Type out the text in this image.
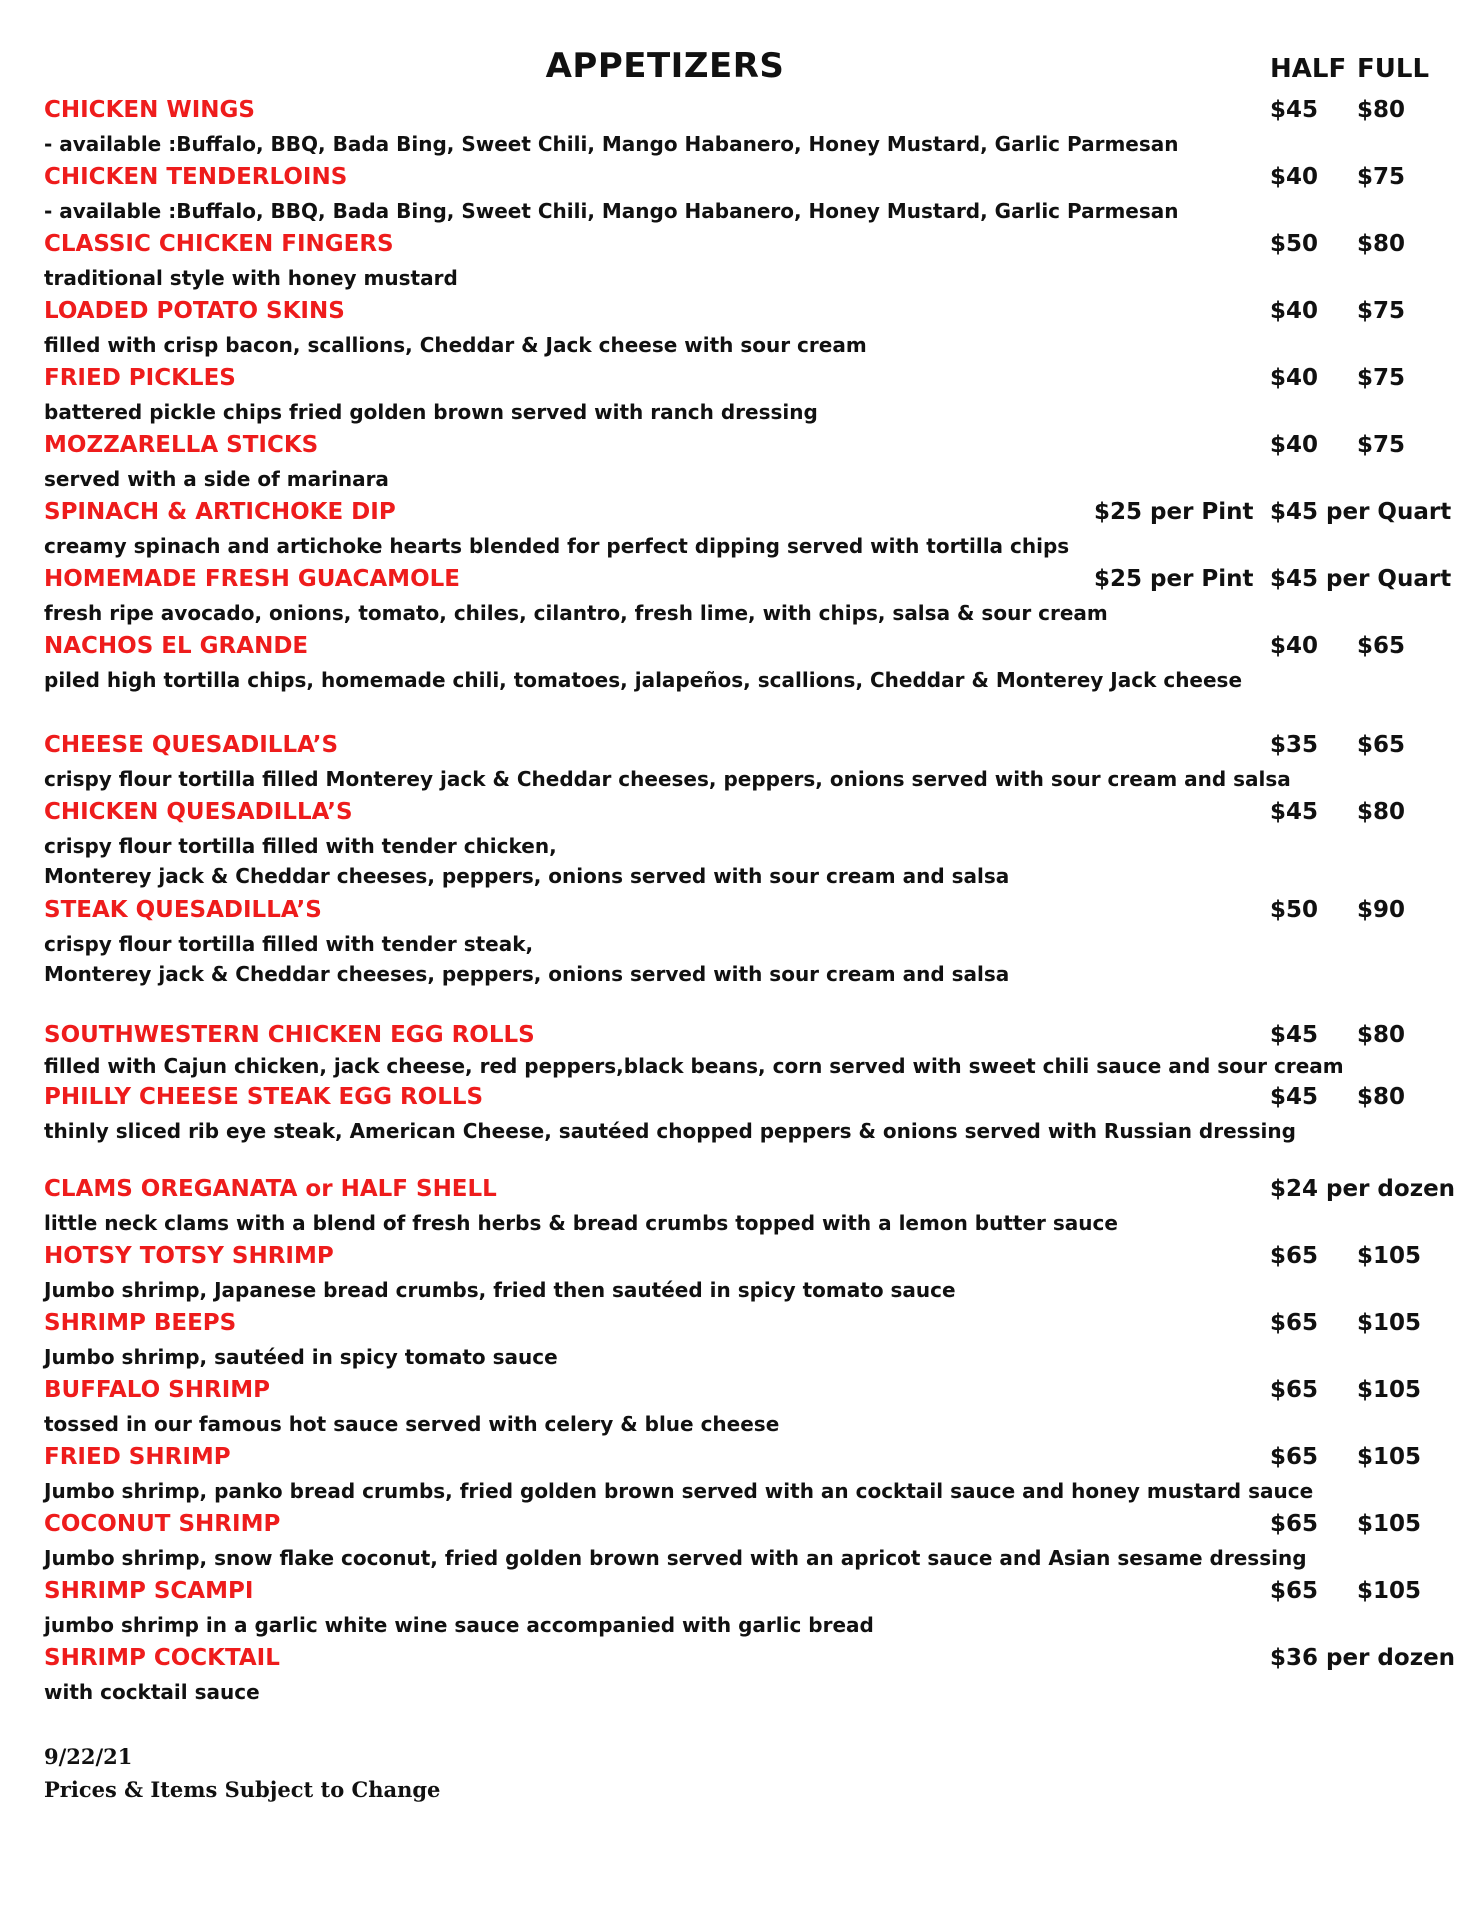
APPETIZERS	HALF FULL
CHICKEN WINGS
- available :Buffalo, BBQ, Bada Bing, Sweet Chili, Mango Habanero, Honey Mustard, Garlic Parmesan
$45 $80
CHICKEN TENDERLOINS
- available :Buffalo, BBQ, Bada Bing, Sweet Chili, Mango Habanero, Honey Mustard, Garlic Parmesan
$40 $75
CLASSIC CHICKEN FINGERS
traditional style with honey mustard
$50 $80
LOADED POTATO SKINS
filled with crisp bacon, scallions, Cheddar & Jack cheese with sour cream
$40 $75
FRIED PICKLES
battered pickle chips fried golden brown served with ranch dressing
$40 $75
MOZZARELLA STICKS
served with a side of marinara
$40 $75
SPINACH & ARTICHOKE DIP
creamy spinach and artichoke hearts blended for perfect dipping served with tortilla chips
$25 per Pint $45 per Quart
HOMEMADE FRESH GUACAMOLE
fresh ripe avocado, onions, tomato, chiles, cilantro, fresh lime, with chips, salsa & sour cream
$25 per Pint $45 per Quart
NACHOS EL GRANDE
piled high tortilla chips, homemade chili, tomatoes, jalapeños, scallions, Cheddar & Monterey Jack cheese
$40 $65
CHEESE QUESADILLA’S
crispy flour tortilla filled Monterey jack & Cheddar cheeses, peppers, onions served with sour cream and salsa
$35 $65
CHICKEN QUESADILLA’S
crispy flour tortilla filled with tender chicken,
Monterey jack & Cheddar cheeses, peppers, onions served with sour cream and salsa
$45 $80
STEAK QUESADILLA’S
crispy flour tortilla filled with tender steak,
Monterey jack & Cheddar cheeses, peppers, onions served with sour cream and salsa
$50 $90
SOUTHWESTERN CHICKEN EGG ROLLS
filled with Cajun chicken, jack cheese, red peppers,black beans, corn served with sweet chili sauce and sour cream
$45 $80
PHILLY CHEESE STEAK EGG ROLLS
thinly sliced rib eye steak, American Cheese, sautéed chopped peppers & onions served with Russian dressing
$45 $80
CLAMS OREGANATA or HALF SHELL
little neck clams with a blend of fresh herbs & bread crumbs topped with a lemon butter sauce
$24 per dozen
HOTSY TOTSY SHRIMP
Jumbo shrimp, Japanese bread crumbs, fried then sautéed in spicy tomato sauce
$65 $105
SHRIMP BEEPS
Jumbo shrimp, sautéed in spicy tomato sauce
$65 $105
BUFFALO SHRIMP
tossed in our famous hot sauce served with celery & blue cheese
$65 $105
FRIED SHRIMP
Jumbo shrimp, panko bread crumbs, fried golden brown served with an cocktail sauce and honey mustard sauce
$65 $105
COCONUT SHRIMP
Jumbo shrimp, snow flake coconut, fried golden brown served with an apricot sauce and Asian sesame dressing
$65 $105
SHRIMP SCAMPI
jumbo shrimp in a garlic white wine sauce accompanied with garlic bread
$65 $105
SHRIMP COCKTAIL
with cocktail sauce
$36 per dozen
9/22/21
Prices & Items Subject to Change
